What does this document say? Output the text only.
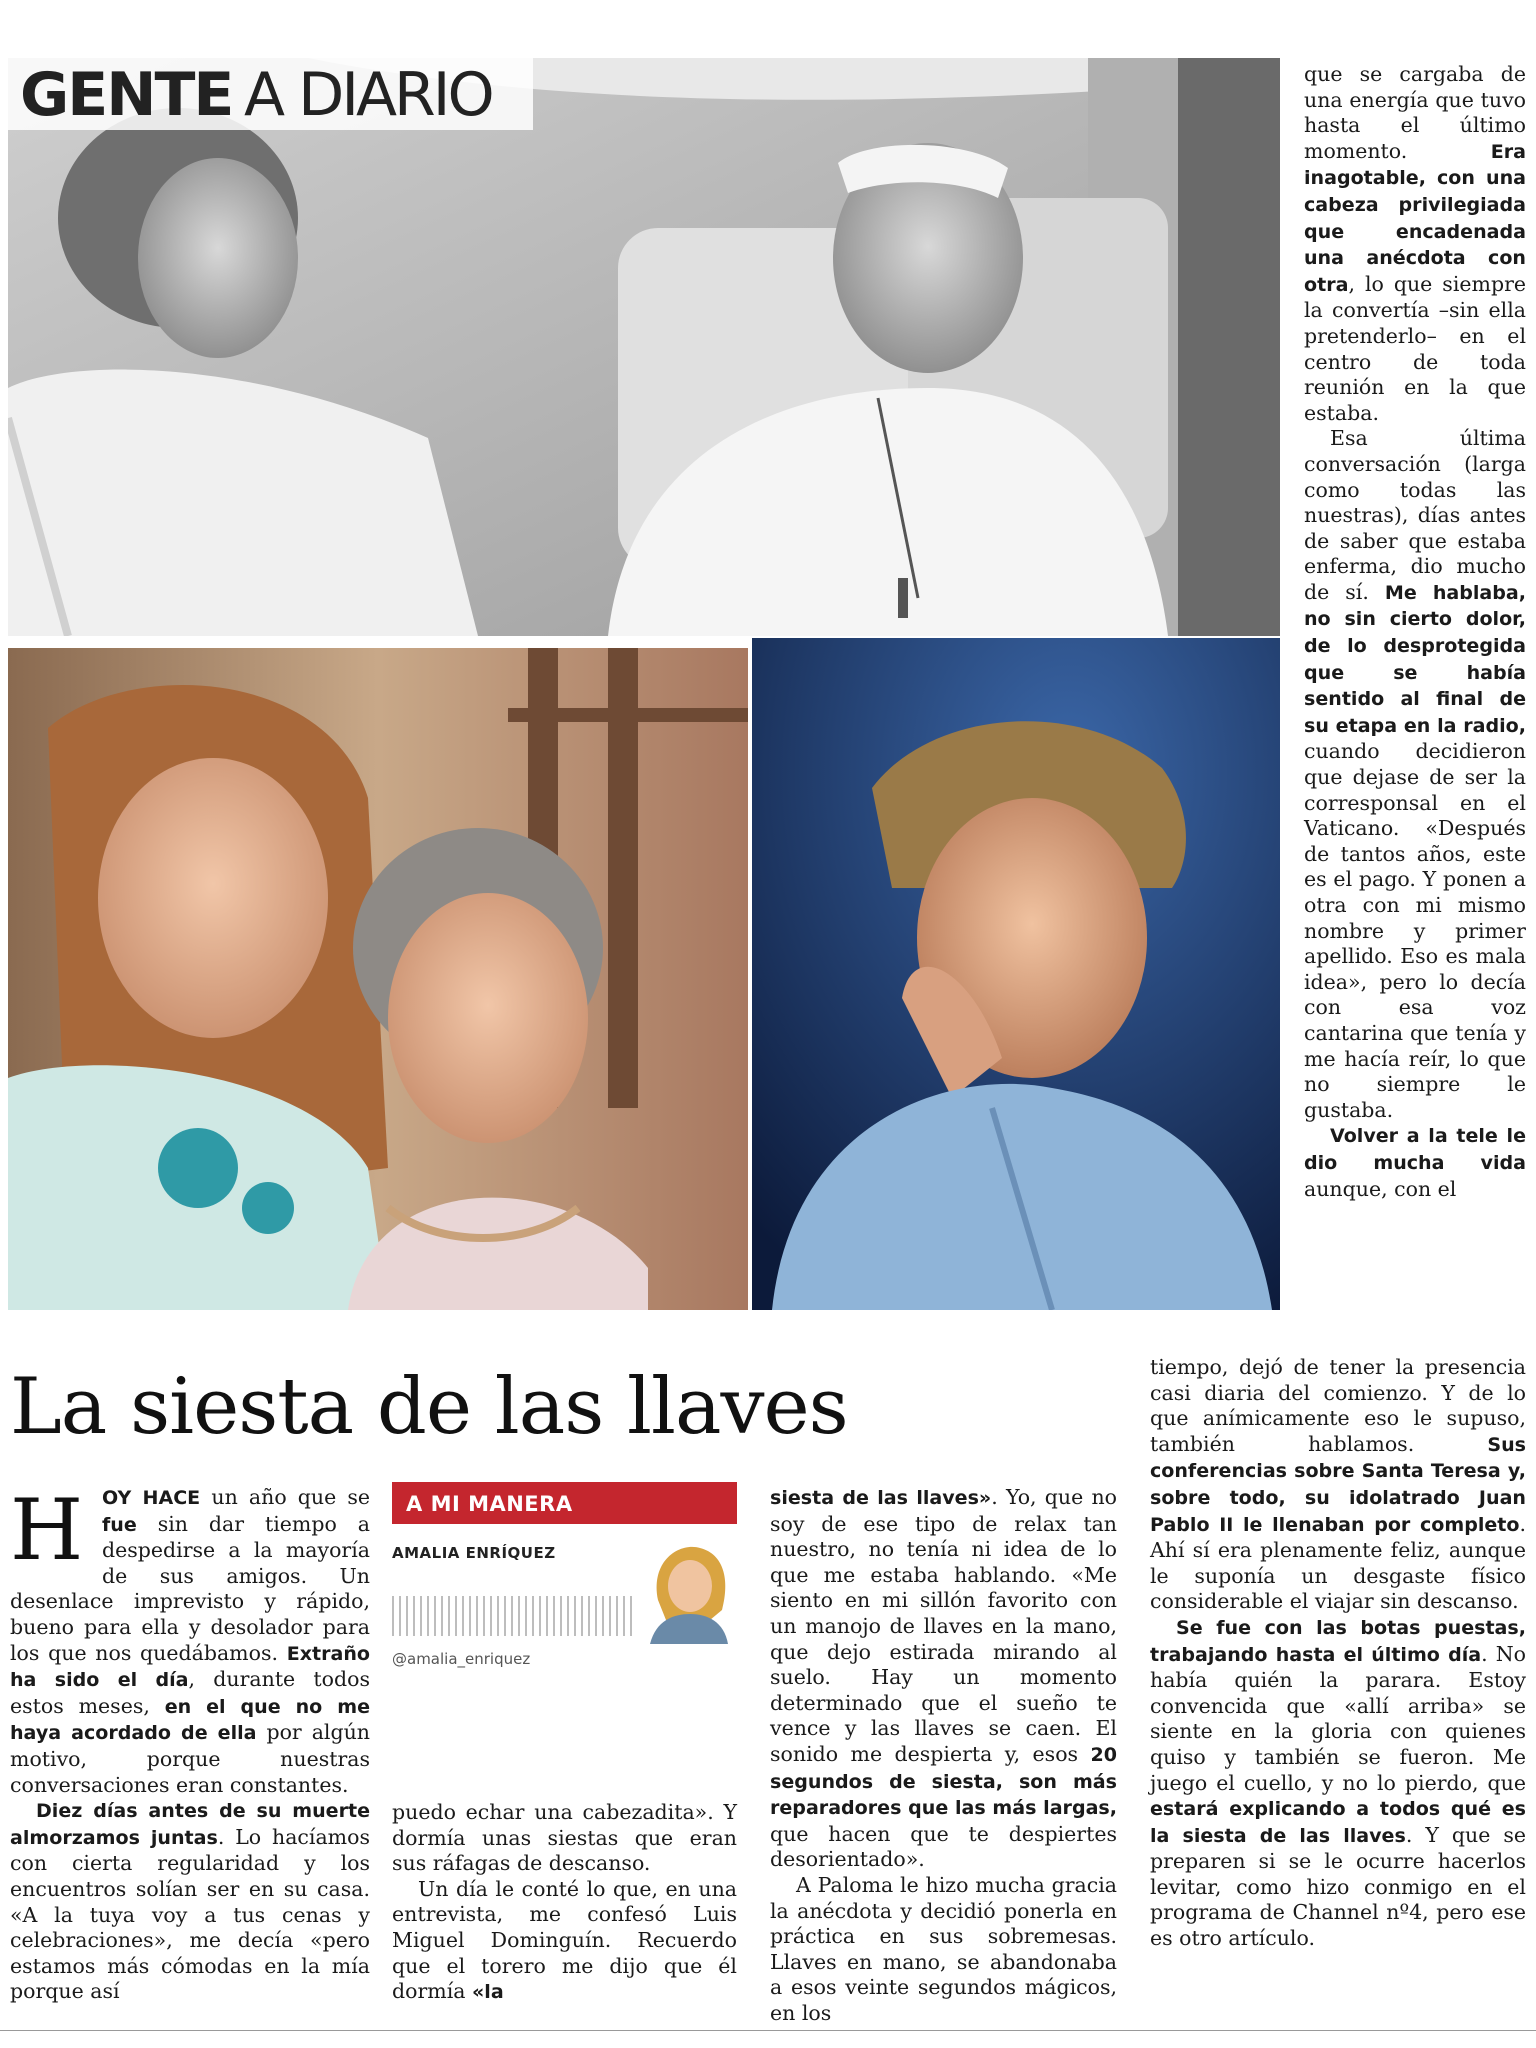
GENTE A DIARIO
La siesta de las llaves
H OY HACE un año que se fue sin dar tiempo a despedirse a la mayoría de sus amigos. Un desenlace imprevisto y rápido, bueno para ella y desolador para los que nos quedábamos. Extraño ha sido el día, durante todos estos meses, en el que no me haya acordado de ella por algún motivo, porque nuestras conversaciones eran constantes.

Diez días antes de su muerte almorzamos juntas. Lo hacíamos con cierta regularidad y los encuentros solían ser en su casa. «A la tuya voy a tus cenas y celebraciones», me decía «pero estamos más cómodas en la mía porque así

A MI MANERA
AMALIA ENRÍQUEZ
@amalia_enriquez

puedo echar una cabezadita». Y dormía unas siestas que eran sus ráfagas de descanso.

Un día le conté lo que, en una entrevista, me confesó Luis Miguel Dominguín. Recuerdo que el torero me dijo que él dormía «la

siesta de las llaves». Yo, que no soy de ese tipo de relax tan nuestro, no tenía ni idea de lo que me estaba hablando. «Me siento en mi sillón favorito con un manojo de llaves en la mano, que dejo estirada mirando al suelo. Hay un momento determinado que el sueño te vence y las llaves se caen. El sonido me despierta y, esos 20 segundos de siesta, son más reparadores que las más largas, que hacen que te despiertes desorientado».

A Paloma le hizo mucha gracia la anécdota y decidió ponerla en práctica en sus sobremesas. Llaves en mano, se abandonaba a esos veinte segundos mágicos, en los

que se cargaba de una energía que tuvo hasta el último momento. Era inagotable, con una cabeza privilegiada que encadenada una anécdota con otra, lo que siempre la convertía –sin ella pretenderlo– en el centro de toda reunión en la que estaba.

Esa última conversación (larga como todas las nuestras), días antes de saber que estaba enferma, dio mucho de sí. Me hablaba, no sin cierto dolor, de lo desprotegida que se había sentido al final de su etapa en la radio, cuando decidieron que dejase de ser la corresponsal en el Vaticano. «Después de tantos años, este es el pago. Y ponen a otra con mi mismo nombre y primer apellido. Eso es mala idea», pero lo decía con esa voz cantarina que tenía y me hacía reír, lo que no siempre le gustaba.

Volver a la tele le dio mucha vida aunque, con el

tiempo, dejó de tener la presencia casi diaria del comienzo. Y de lo que anímicamente eso le supuso, también hablamos. Sus conferencias sobre Santa Teresa y, sobre todo, su idolatrado Juan Pablo II le llenaban por completo. Ahí sí era plenamente feliz, aunque le suponía un desgaste físico considerable el viajar sin descanso.

Se fue con las botas puestas, trabajando hasta el último día. No había quién la parara. Estoy convencida que «allí arriba» se siente en la gloria con quienes quiso y también se fueron. Me juego el cuello, y no lo pierdo, que estará explicando a todos qué es la siesta de las llaves. Y que se preparen si se le ocurre hacerlos levitar, como hizo conmigo en el programa de Channel nº4, pero ese es otro artículo.
